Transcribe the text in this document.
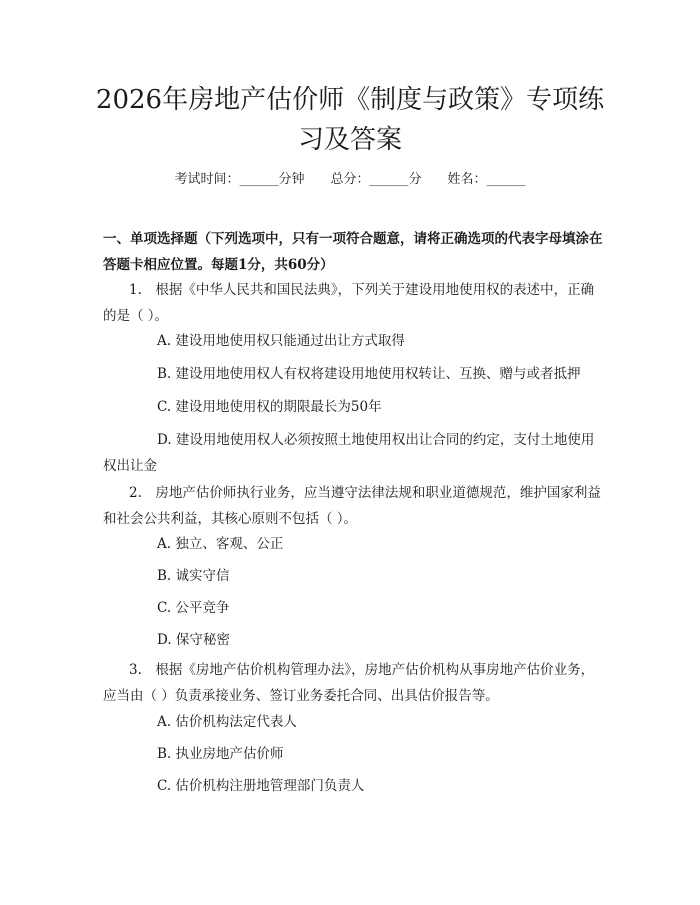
2026年房地产估价师《制度与政策》专项练习及答案
考试时间：______分钟 总分：______分 姓名：______

一、单项选择题（下列选项中，只有一项符合题意，请将正确选项的代表字母填涂在答题卡相应位置。每题1分，共60分）

1.　根据《中华人民共和国民法典》，下列关于建设用地使用权的表述中，正确的是（ ）。

A. 建设用地使用权只能通过出让方式取得

B. 建设用地使用权人有权将建设用地使用权转让、互换、赠与或者抵押

C. 建设用地使用权的期限最长为50年

D. 建设用地使用权人必须按照土地使用权出让合同的约定，支付土地使用权出让金

2.　房地产估价师执行业务，应当遵守法律法规和职业道德规范，维护国家利益和社会公共利益，其核心原则不包括（ ）。

A. 独立、客观、公正

B. 诚实守信

C. 公平竞争

D. 保守秘密

3.　根据《房地产估价机构管理办法》，房地产估价机构从事房地产估价业务，应当由（ ）负责承接业务、签订业务委托合同、出具估价报告等。

A. 估价机构法定代表人

B. 执业房地产估价师

C. 估价机构注册地管理部门负责人
